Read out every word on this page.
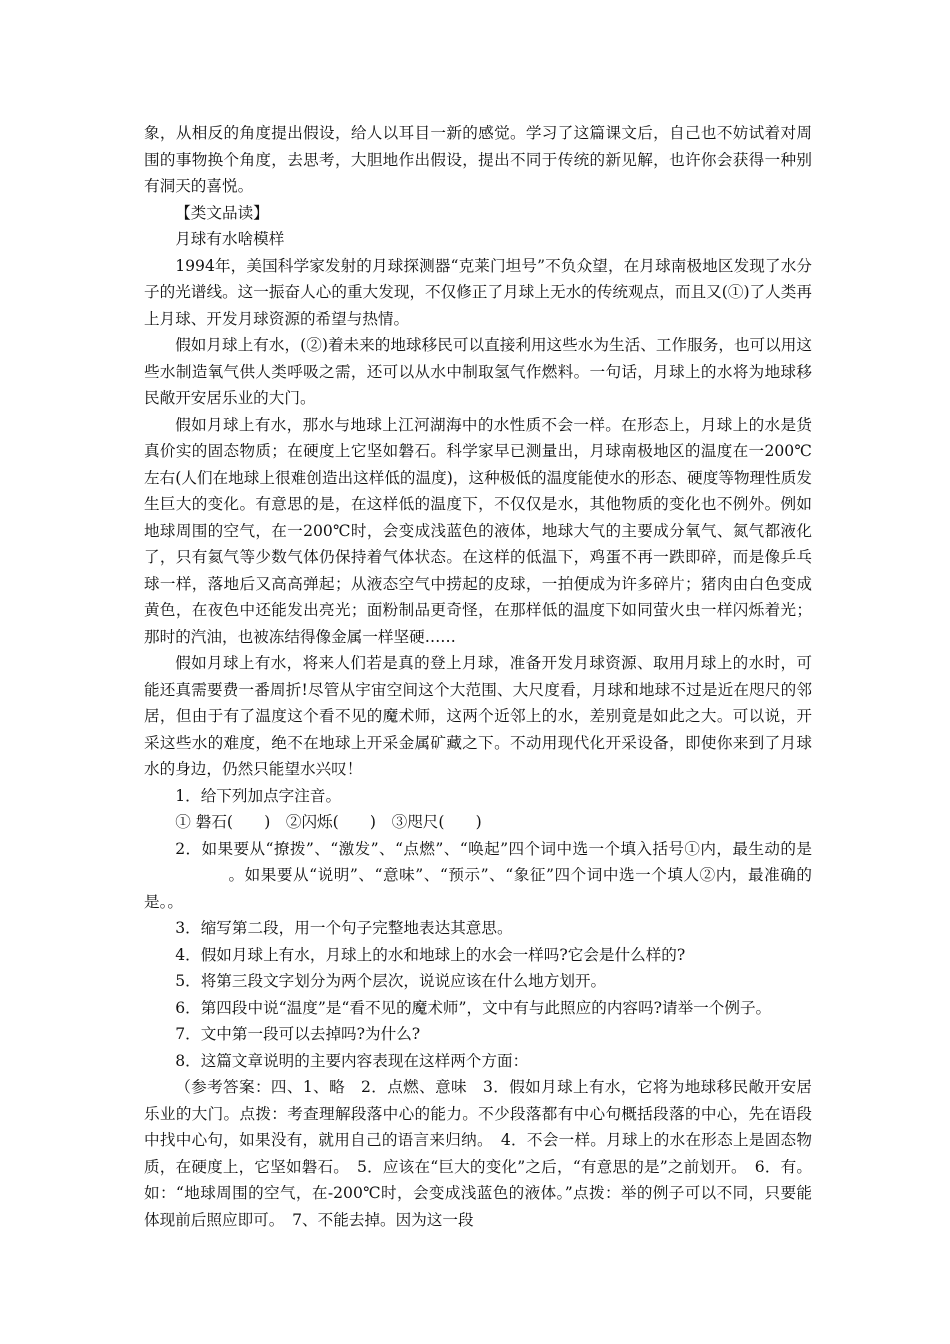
象，从相反的角度提出假设，给人以耳目一新的感觉。学习了这篇课文后，自己也不妨试着对周围的事物换个角度，去思考，大胆地作出假设，提出不同于传统的新见解，也许你会获得一种别有洞天的喜悦。

【类文品读】

月球有水啥模样

1994年，美国科学家发射的月球探测器“克莱门坦号”不负众望，在月球南极地区发现了水分子的光谱线。这一振奋人心的重大发现，不仅修正了月球上无水的传统观点，而且又(①)了人类再上月球、开发月球资源的希望与热情。

假如月球上有水，(②)着未来的地球移民可以直接利用这些水为生活、工作服务，也可以用这些水制造氧气供人类呼吸之需，还可以从水中制取氢气作燃料。一句话，月球上的水将为地球移民敞开安居乐业的大门。

假如月球上有水，那水与地球上江河湖海中的水性质不会一样。在形态上，月球上的水是货真价实的固态物质；在硬度上它坚如磐石。科学家早已测量出，月球南极地区的温度在一200℃左右(人们在地球上很难创造出这样低的温度)，这种极低的温度能使水的形态、硬度等物理性质发生巨大的变化。有意思的是，在这样低的温度下，不仅仅是水，其他物质的变化也不例外。例如地球周围的空气，在一200℃时，会变成浅蓝色的液体，地球大气的主要成分氧气、氮气都液化了，只有氦气等少数气体仍保持着气体状态。在这样的低温下，鸡蛋不再一跌即碎，而是像乒乓球一样，落地后又高高弹起；从液态空气中捞起的皮球，一拍便成为许多碎片；猪肉由白色变成黄色，在夜色中还能发出亮光；面粉制品更奇怪，在那样低的温度下如同萤火虫一样闪烁着光；那时的汽油，也被冻结得像金属一样坚硬……

假如月球上有水，将来人们若是真的登上月球，准备开发月球资源、取用月球上的水时，可能还真需要费一番周折!尽管从宇宙空间这个大范围、大尺度看，月球和地球不过是近在咫尺的邻居，但由于有了温度这个看不见的魔术师，这两个近邻上的水，差别竟是如此之大。可以说，开采这些水的难度，绝不在地球上开采金属矿藏之下。不动用现代化开采设备，即使你来到了月球水的身边，仍然只能望水兴叹！

1．给下列加点字注音。

① 磐石(　　)　②闪烁(　　)　③咫尺(　　)

2．如果要从“撩拨”、“激发”、“点燃”、“唤起”四个词中选一个填入括号①内，最生动的是。如果要从“说明”、“意味”、“预示”、“象征”四个词中选一个填人②内，最准确的是。。

3．缩写第二段，用一个句子完整地表达其意思。

4．假如月球上有水，月球上的水和地球上的水会一样吗?它会是什么样的?

5．将第三段文字划分为两个层次，说说应该在什么地方划开。

6．第四段中说“温度”是“看不见的魔术师”，文中有与此照应的内容吗?请举一个例子。

7．文中第一段可以去掉吗?为什么?

8．这篇文章说明的主要内容表现在这样两个方面：

（参考答案：四、1、略　2．点燃、意味　3．假如月球上有水，它将为地球移民敞开安居乐业的大门。点拨：考查理解段落中心的能力。不少段落都有中心句概括段落的中心，先在语段中找中心句，如果没有，就用自己的语言来归纳。　4．不会一样。月球上的水在形态上是固态物质，在硬度上，它坚如磐石。　5．应该在“巨大的变化”之后，“有意思的是”之前划开。　6．有。如：“地球周围的空气，在-200℃时，会变成浅蓝色的液体。”点拨：举的例子可以不同，只要能体现前后照应即可。　7、不能去掉。因为这一段
